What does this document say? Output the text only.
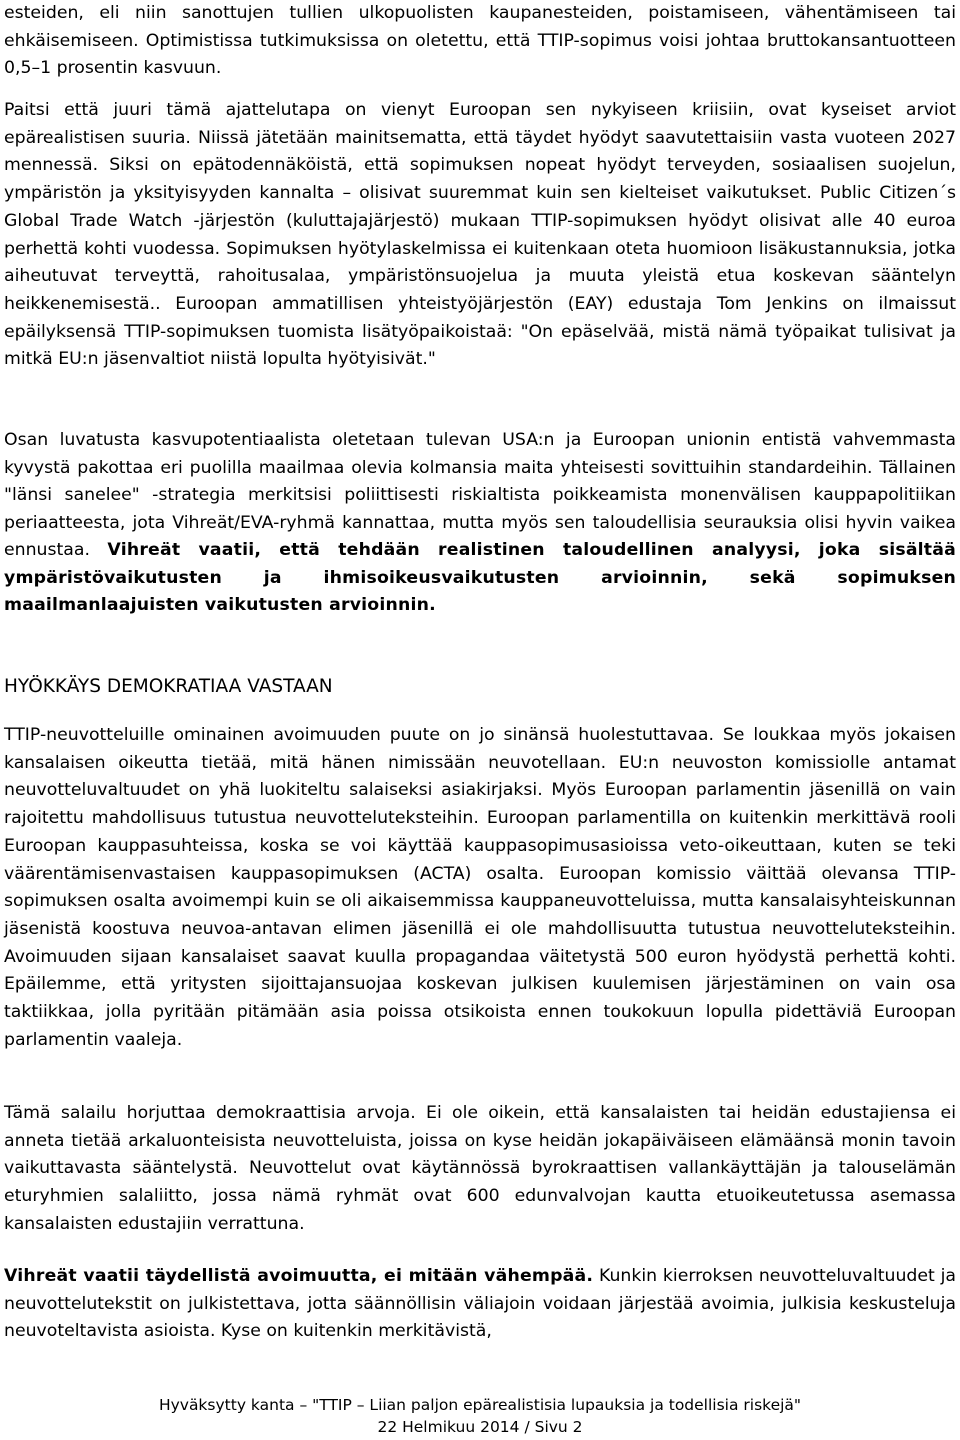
esteiden, eli niin sanottujen tullien ulkopuolisten kaupanesteiden, poistamiseen, vähentämiseen tai ehkäisemiseen. Optimistissa tutkimuksissa on oletettu, että TTIP-sopimus voisi johtaa bruttokansantuotteen 0,5–1 prosentin kasvuun.

Paitsi että juuri tämä ajattelutapa on vienyt Euroopan sen nykyiseen kriisiin, ovat kyseiset arviot epärealistisen suuria. Niissä jätetään mainitsematta, että täydet hyödyt saavutettaisiin vasta vuoteen 2027 mennessä. Siksi on epätodennäköistä, että sopimuksen nopeat hyödyt terveyden, sosiaalisen suojelun, ympäristön ja yksityisyyden kannalta – olisivat suuremmat kuin sen kielteiset vaikutukset. Public Citizen´s Global Trade Watch -järjestön (kuluttajajärjestö) mukaan TTIP-sopimuksen hyödyt olisivat alle 40 euroa perhettä kohti vuodessa. Sopimuksen hyötylaskelmissa ei kuitenkaan oteta huomioon lisäkustannuksia, jotka aiheutuvat terveyttä, rahoitusalaa, ympäristönsuojelua ja muuta yleistä etua koskevan sääntelyn heikkenemisestä.. Euroopan ammatillisen yhteistyöjärjestön (EAY) edustaja Tom Jenkins on ilmaissut epäilyksensä TTIP-sopimuksen tuomista lisätyöpaikoistaä: "On epäselvää, mistä nämä työpaikat tulisivat ja mitkä EU:n jäsenvaltiot niistä lopulta hyötyisivät."

Osan luvatusta kasvupotentiaalista oletetaan tulevan USA:n ja Euroopan unionin entistä vahvemmasta kyvystä pakottaa eri puolilla maailmaa olevia kolmansia maita yhteisesti sovittuihin standardeihin. Tällainen "länsi sanelee" -strategia merkitsisi poliittisesti riskialtista poikkeamista monenvälisen kauppapolitiikan periaatteesta, jota Vihreät/EVA-ryhmä kannattaa, mutta myös sen taloudellisia seurauksia olisi hyvin vaikea ennustaa. Vihreät vaatii, että tehdään realistinen taloudellinen analyysi, joka sisältää ympäristövaikutusten ja ihmisoikeusvaikutusten arvioinnin, sekä sopimuksen maailmanlaajuisten vaikutusten arvioinnin.

HYÖKKÄYS DEMOKRATIAA VASTAAN

TTIP-neuvotteluille ominainen avoimuuden puute on jo sinänsä huolestuttavaa. Se loukkaa myös jokaisen kansalaisen oikeutta tietää, mitä hänen nimissään neuvotellaan. EU:n neuvoston komissiolle antamat neuvotteluvaltuudet on yhä luokiteltu salaiseksi asiakirjaksi. Myös Euroopan parlamentin jäsenillä on vain rajoitettu mahdollisuus tutustua neuvotteluteksteihin. Euroopan parlamentilla on kuitenkin merkittävä rooli Euroopan kauppasuhteissa, koska se voi käyttää kauppasopimusasioissa veto-oikeuttaan, kuten se teki väärentämisenvastaisen kauppasopimuksen (ACTA) osalta. Euroopan komissio väittää olevansa TTIP-sopimuksen osalta avoimempi kuin se oli aikaisemmissa kauppaneuvotteluissa, mutta kansalaisyhteiskunnan jäsenistä koostuva neuvoa-antavan elimen jäsenillä ei ole mahdollisuutta tutustua neuvotteluteksteihin. Avoimuuden sijaan kansalaiset saavat kuulla propagandaa väitetystä 500 euron hyödystä perhettä kohti. Epäilemme, että yritysten sijoittajansuojaa koskevan julkisen kuulemisen järjestäminen on vain osa taktiikkaa, jolla pyritään pitämään asia poissa otsikoista ennen toukokuun lopulla pidettäviä Euroopan parlamentin vaaleja.

Tämä salailu horjuttaa demokraattisia arvoja. Ei ole oikein, että kansalaisten tai heidän edustajiensa ei anneta tietää arkaluonteisista neuvotteluista, joissa on kyse heidän jokapäiväiseen elämäänsä monin tavoin vaikuttavasta sääntelystä. Neuvottelut ovat käytännössä byrokraattisen vallankäyttäjän ja talouselämän eturyhmien salaliitto, jossa nämä ryhmät ovat 600 edunvalvojan kautta etuoikeutetussa asemassa kansalaisten edustajiin verrattuna.

Vihreät vaatii täydellistä avoimuutta, ei mitään vähempää. Kunkin kierroksen neuvotteluvaltuudet ja neuvottelutekstit on julkistettava, jotta säännöllisin väliajoin voidaan järjestää avoimia, julkisia keskusteluja neuvoteltavista asioista. Kyse on kuitenkin merkitävistä,

Hyväksytty kanta – "TTIP – Liian paljon epärealistisia lupauksia ja todellisia riskejä"
22 Helmikuu 2014 / Sivu 2
